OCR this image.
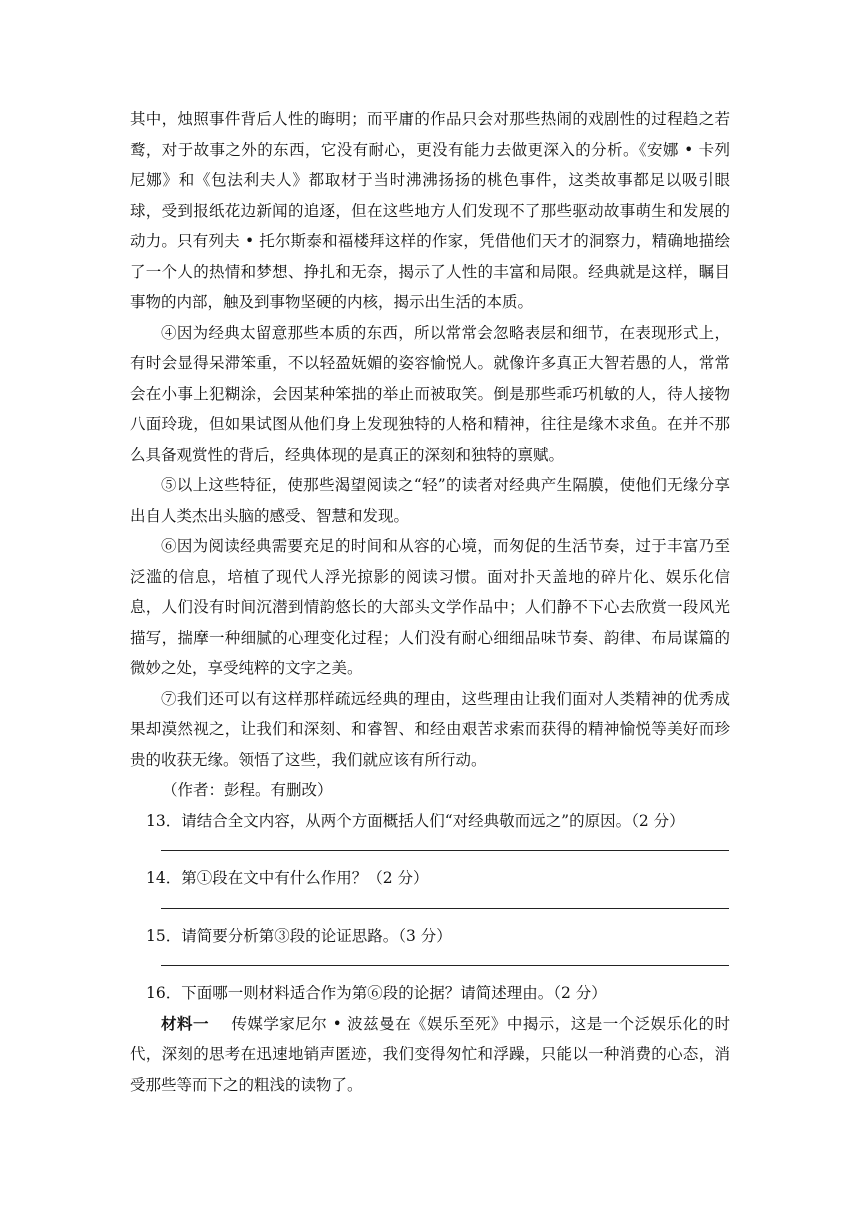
其中，烛照事件背后人性的晦明；而平庸的作品只会对那些热闹的戏剧性的过程趋之若鹜，对于故事之外的东西，它没有耐心，更没有能力去做更深入的分析。《安娜 • 卡列尼娜》和《包法利夫人》都取材于当时沸沸扬扬的桃色事件，这类故事都足以吸引眼球，受到报纸花边新闻的追逐，但在这些地方人们发现不了那些驱动故事萌生和发展的动力。只有列夫 • 托尔斯泰和福楼拜这样的作家，凭借他们天才的洞察力，精确地描绘了一个人的热情和梦想、挣扎和无奈，揭示了人性的丰富和局限。经典就是这样，瞩目事物的内部，触及到事物坚硬的内核，揭示出生活的本质。

④因为经典太留意那些本质的东西，所以常常会忽略表层和细节，在表现形式上，有时会显得呆滞笨重，不以轻盈妩媚的姿容愉悦人。就像许多真正大智若愚的人，常常会在小事上犯糊涂，会因某种笨拙的举止而被取笑。倒是那些乖巧机敏的人，待人接物八面玲珑，但如果试图从他们身上发现独特的人格和精神，往往是缘木求鱼。在并不那么具备观赏性的背后，经典体现的是真正的深刻和独特的禀赋。

⑤以上这些特征，使那些渴望阅读之“轻”的读者对经典产生隔膜，使他们无缘分享出自人类杰出头脑的感受、智慧和发现。

⑥因为阅读经典需要充足的时间和从容的心境，而匆促的生活节奏，过于丰富乃至泛滥的信息，培植了现代人浮光掠影的阅读习惯。面对扑天盖地的碎片化、娱乐化信息，人们没有时间沉潜到情韵悠长的大部头文学作品中；人们静不下心去欣赏一段风光描写，揣摩一种细腻的心理变化过程；人们没有耐心细细品味节奏、韵律、布局谋篇的微妙之处，享受纯粹的文字之美。

⑦我们还可以有这样那样疏远经典的理由，这些理由让我们面对人类精神的优秀成果却漠然视之，让我们和深刻、和睿智、和经由艰苦求索而获得的精神愉悦等美好而珍贵的收获无缘。领悟了这些，我们就应该有所行动。

（作者：彭程。有删改）

13．请结合全文内容，从两个方面概括人们“对经典敬而远之”的原因。（2 分）

14．第①段在文中有什么作用？（2 分）

15．请简要分析第③段的论证思路。（3 分）

16．下面哪一则材料适合作为第⑥段的论据？请简述理由。（2 分）

材料一 传媒学家尼尔 • 波兹曼在《娱乐至死》中揭示，这是一个泛娱乐化的时代，深刻的思考在迅速地销声匿迹，我们变得匆忙和浮躁，只能以一种消费的心态，消受那些等而下之的粗浅的读物了。
